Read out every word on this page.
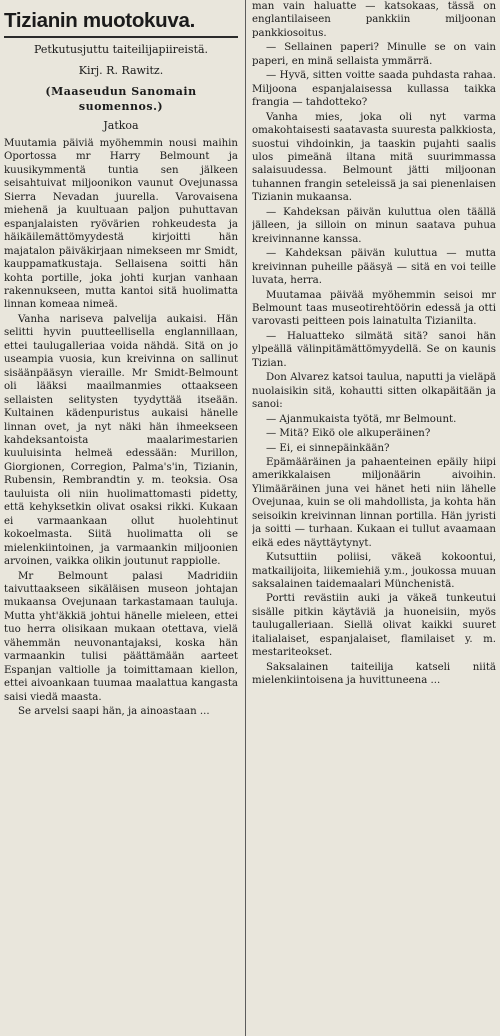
Tizianin muotokuva.

Petkutusjuttu taiteilijapiireistä.

Kirj. R. Rawitz.

(Maaseudun Sanomain suomennos.)

Jatkoa

Muutamia päiviä myöhemmin nousi maihin Oportossa mr Harry Belmount ja kuusikymmentä tuntia sen jälkeen seisahtuivat miljoonikon vaunut Ovejunassa Sierra Nevadan juurella. Varovaisena miehenä ja kuultuaan paljon puhuttavan espanjalaisten ryövärien rohkeudesta ja häikäilemättömyydestä kirjoitti hän majatalon päiväkirjaan nimekseen mr Smidt, kauppamatkustaja. Sellaisena soitti hän kohta portille, joka johti kurjan vanhaan rakennukseen, mutta kantoi sitä huolimatta linnan komeaa nimeä.

Vanha nariseva palvelija aukaisi. Hän selitti hyvin puutteellisella englannillaan, ettei taulugalleriaa voida nähdä. Sitä on jo useampia vuosia, kun kreivinna on sallinut sisäänpääsyn vieraille. Mr Smidt-Belmount oli lääksi maailmanmies ottaakseen sellaisten selitysten tyydyttää itseään. Kultainen kädenpuristus aukaisi hänelle linnan ovet, ja nyt näki hän ihmeekseen kahdeksantoista maalarimestarien kuuluisinta helmeä edessään: Murillon, Giorgionen, Corregion, Palma's'in, Tizianin, Rubensin, Rembrandtin y. m. teoksia. Osa tauluista oli niin huolimattomasti pidetty, että kehyksetkin olivat osaksi rikki. Kukaan ei varmaankaan ollut huolehtinut kokoelmasta. Siitä huolimatta oli se mielenkiintoinen, ja varmaankin miljoonien arvoinen, vaikka olikin joutunut rappiolle.

Mr Belmount palasi Madridiin taivuttaakseen sikäläisen museon johtajan mukaansa Ovejunaan tarkastamaan tauluja. Mutta yht'äkkiä johtui hänelle mieleen, ettei tuo herra olisikaan mukaan otettava, vielä vähemmän neuvonantajaksi, koska hän varmaankin tulisi päättämään aarteet Espanjan valtiolle ja toimittamaan kiellon, ettei aivoankaan tuumaa maalattua kangasta saisi viedä maasta.

Se arvelsi saapi hän, ja ainoastaan ...

man vain haluatte — katsokaas, tässä on englantilaiseen pankkiin miljoonan pankkiosoitus.

— Sellainen paperi? Minulle se on vain paperi, en minä sellaista ymmärrä.

— Hyvä, sitten voitte saada puhdasta rahaa. Miljoona espanjalaisessa kullassa taikka frangia — tahdotteko?

Vanha mies, joka oli nyt varma omakohtaisesti saatavasta suuresta palkkiosta, suostui vihdoinkin, ja taaskin pujahti saalis ulos pimeänä iltana mitä suurimmassa salaisuudessa. Belmount jätti miljoonan tuhannen frangin seteleissä ja sai pienenlaisen Tizianin mukaansa.

— Kahdeksan päivän kuluttua olen täällä jälleen, ja silloin on minun saatava puhua kreivinnanne kanssa.

— Kahdeksan päivän kuluttua — mutta kreivinnan puheille pääsyä — sitä en voi teille luvata, herra.

Muutamaa päivää myöhemmin seisoi mr Belmount taas museotirehtöörin edessä ja otti varovasti peitteen pois lainatulta Tizianilta.

— Haluatteko silmätä sitä? sanoi hän ylpeällä välinpitämättömyydellä. Se on kaunis Tizian.

Don Alvarez katsoi taulua, naputti ja vieläpä nuolaisikin sitä, kohautti sitten olkapäitään ja sanoi:

— Ajanmukaista työtä, mr Belmount.

— Mitä? Eikö ole alkuperäinen?

— Ei, ei sinnepäinkään?

Epämääräinen ja pahaenteinen epäily hiipi amerikkalaisen miljonäärin aivoihin. Ylimääräinen juna vei hänet heti niin lähelle Ovejunaa, kuin se oli mahdollista, ja kohta hän seisoikin kreivinnan linnan portilla. Hän jyristi ja soitti — turhaan. Kukaan ei tullut avaamaan eikä edes näyttäytynyt.

Kutsuttiin poliisi, väkeä kokoontui, matkailijoita, liikemiehiä y.m., joukossa muuan saksalainen taidemaalari Münchenistä.

Portti revästiin auki ja väkeä tunkeutui sisälle pitkin käytäviä ja huoneisiin, myös taulugalleriaan. Siellä olivat kaikki suuret italialaiset, espanjalaiset, flamilaiset y. m. mestariteokset.

Saksalainen taiteilija katseli niitä mielenkiintoisena ja huvittuneena ...
